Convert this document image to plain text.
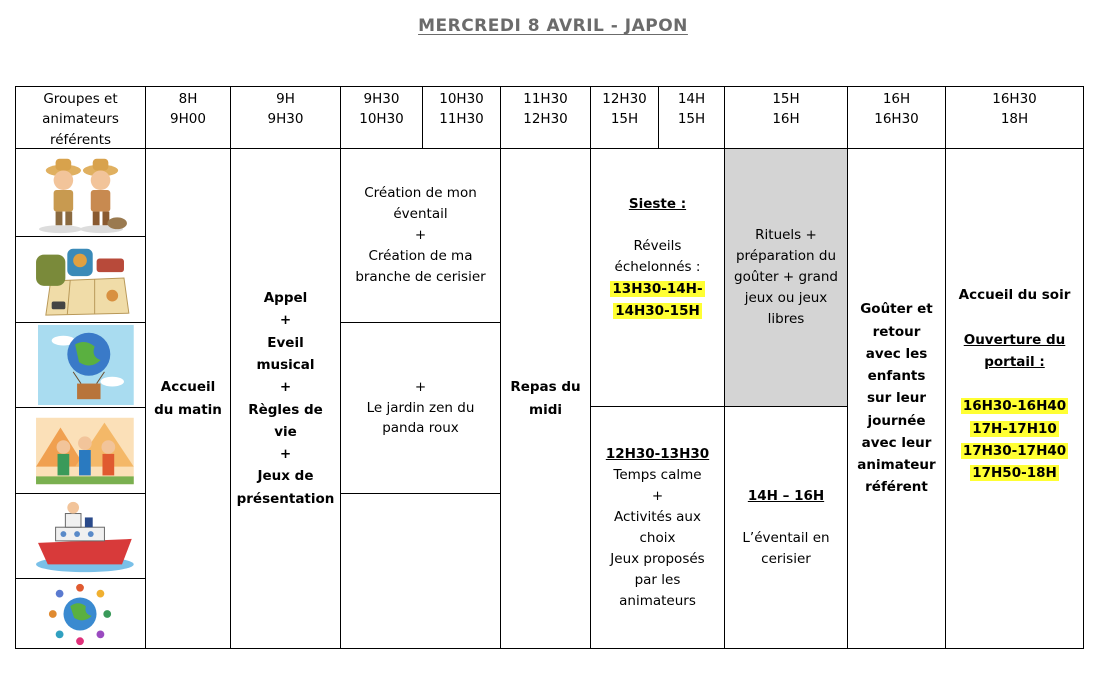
MERCREDI 8 AVRIL - JAPON
Groupes et
animateurs
référents
8H
9H00
9H
9H30
9H30
10H30
10H30
11H30
11H30
12H30
12H30
15H
14H
15H
15H
16H
16H
16H30
16H30
18H
Accueil
du matin
Appel
+
Eveil
musical
+
Règles de
vie
+
Jeux de
présentation
Création de mon
éventail
+
Création de ma
branche de cerisier
+
Le jardin zen du
panda roux
Repas du
midi
Sieste :

Réveils
échelonnés :
13H30-14H-
14H30-15H
Rituels +
préparation du
goûter + grand
jeux ou jeux
libres
12H30-13H30
Temps calme
+
Activités aux
choix
Jeux proposés
par les
animateurs
14H – 16H

L’éventail en
cerisier
Goûter et
retour
avec les
enfants
sur leur
journée
avec leur
animateur
référent
Accueil du soir

Ouverture du
portail :

16H30-16H40
17H-17H10
17H30-17H40
17H50-18H
